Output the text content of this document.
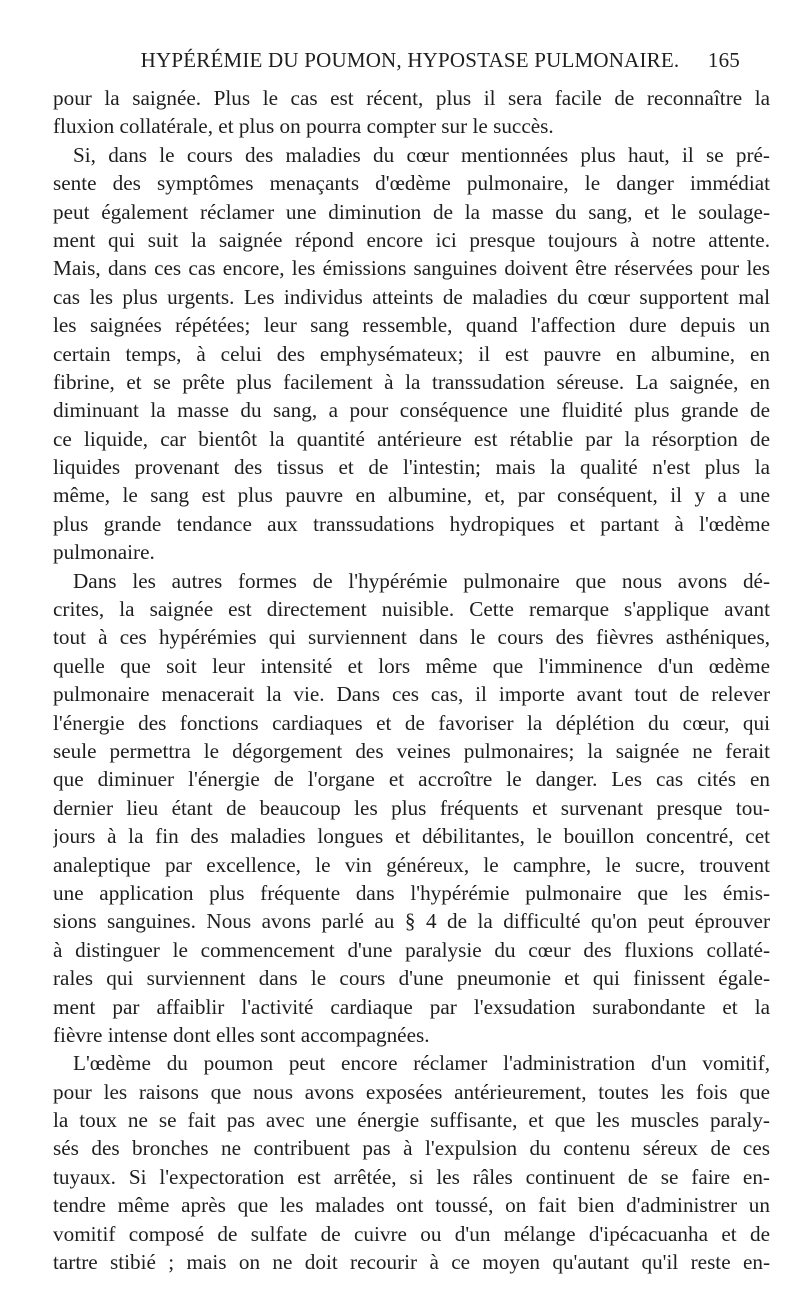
HYPÉRÉMIE DU POUMON, HYPOSTASE PULMONAIRE.	165
pour la saignée. Plus le cas est récent, plus il sera facile de reconnaître la
fluxion collatérale, et plus on pourra compter sur le succès.
Si, dans le cours des maladies du cœur mentionnées plus haut, il se pré-
sente des symptômes menaçants d'œdème pulmonaire, le danger immédiat
peut également réclamer une diminution de la masse du sang, et le soulage-
ment qui suit la saignée répond encore ici presque toujours à notre attente.
Mais, dans ces cas encore, les émissions sanguines doivent être réservées pour les
cas les plus urgents. Les individus atteints de maladies du cœur supportent mal
les saignées répétées; leur sang ressemble, quand l'affection dure depuis un
certain temps, à celui des emphysémateux; il est pauvre en albumine, en
fibrine, et se prête plus facilement à la transsudation séreuse. La saignée, en
diminuant la masse du sang, a pour conséquence une fluidité plus grande de
ce liquide, car bientôt la quantité antérieure est rétablie par la résorption de
liquides provenant des tissus et de l'intestin; mais la qualité n'est plus la
même, le sang est plus pauvre en albumine, et, par conséquent, il y a une
plus grande tendance aux transsudations hydropiques et partant à l'œdème
pulmonaire.
Dans les autres formes de l'hypérémie pulmonaire que nous avons dé-
crites, la saignée est directement nuisible. Cette remarque s'applique avant
tout à ces hypérémies qui surviennent dans le cours des fièvres asthéniques,
quelle que soit leur intensité et lors même que l'imminence d'un œdème
pulmonaire menacerait la vie. Dans ces cas, il importe avant tout de relever
l'énergie des fonctions cardiaques et de favoriser la déplétion du cœur, qui
seule permettra le dégorgement des veines pulmonaires; la saignée ne ferait
que diminuer l'énergie de l'organe et accroître le danger. Les cas cités en
dernier lieu étant de beaucoup les plus fréquents et survenant presque tou-
jours à la fin des maladies longues et débilitantes, le bouillon concentré, cet
analeptique par excellence, le vin généreux, le camphre, le sucre, trouvent
une application plus fréquente dans l'hypérémie pulmonaire que les émis-
sions sanguines. Nous avons parlé au § 4 de la difficulté qu'on peut éprouver
à distinguer le commencement d'une paralysie du cœur des fluxions collaté-
rales qui surviennent dans le cours d'une pneumonie et qui finissent égale-
ment par affaiblir l'activité cardiaque par l'exsudation surabondante et la
fièvre intense dont elles sont accompagnées.
L'œdème du poumon peut encore réclamer l'administration d'un vomitif,
pour les raisons que nous avons exposées antérieurement, toutes les fois que
la toux ne se fait pas avec une énergie suffisante, et que les muscles paraly-
sés des bronches ne contribuent pas à l'expulsion du contenu séreux de ces
tuyaux. Si l'expectoration est arrêtée, si les râles continuent de se faire en-
tendre même après que les malades ont toussé, on fait bien d'administrer un
vomitif composé de sulfate de cuivre ou d'un mélange d'ipécacuanha et de
tartre stibié ; mais on ne doit recourir à ce moyen qu'autant qu'il reste en-
